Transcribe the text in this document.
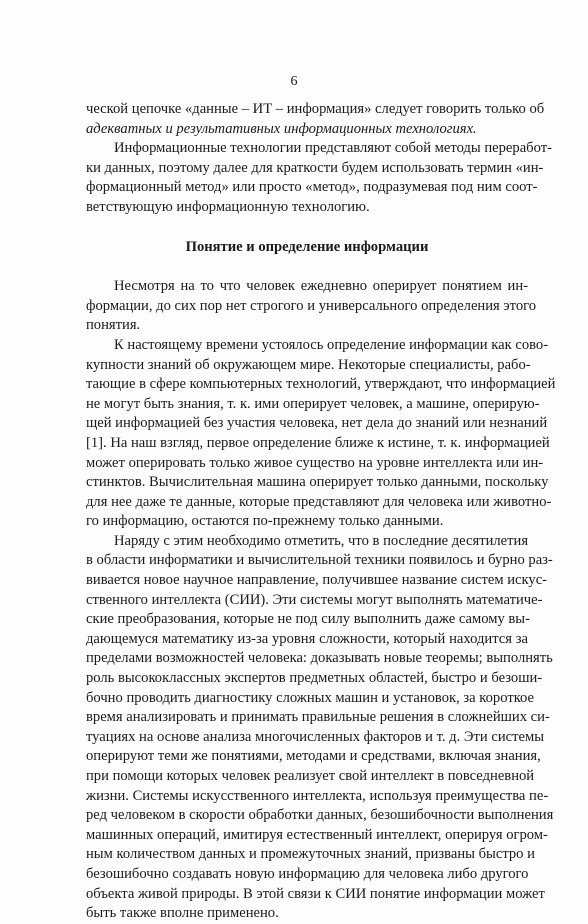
6
ческой цепочке «данные – ИТ – информация» следует говорить только об
адекватных и результативных информационных технологиях.
Информационные технологии представляют собой методы переработ-
ки данных, поэтому далее для краткости будем использовать термин «ин-
формационный метод» или просто «метод», подразумевая под ним соот-
ветствующую информационную технологию.
Понятие и определение информации
Несмотря на то что человек ежедневно оперирует понятием ин-
формации, до сих пор нет строгого и универсального определения этого
понятия.
К настоящему времени устоялось определение информации как сово-
купности знаний об окружающем мире. Некоторые специалисты, рабо-
тающие в сфере компьютерных технологий, утверждают, что информацией
не могут быть знания, т. к. ими оперирует человек, а машине, оперирую-
щей информацией без участия человека, нет дела до знаний или незнаний
[1]. На наш взгляд, первое определение ближе к истине, т. к. информацией
может оперировать только живое существо на уровне интеллекта или ин-
стинктов. Вычислительная машина оперирует только данными, поскольку
для нее даже те данные, которые представляют для человека или животно-
го информацию, остаются по-прежнему только данными.
Наряду с этим необходимо отметить, что в последние десятилетия
в области информатики и вычислительной техники появилось и бурно раз-
вивается новое научное направление, получившее название систем искус-
ственного интеллекта (СИИ). Эти системы могут выполнять математиче-
ские преобразования, которые не под силу выполнить даже самому вы-
дающемуся математику из-за уровня сложности, который находится за
пределами возможностей человека: доказывать новые теоремы; выполнять
роль высококлассных экспертов предметных областей, быстро и безоши-
бочно проводить диагностику сложных машин и установок, за короткое
время анализировать и принимать правильные решения в сложнейших си-
туациях на основе анализа многочисленных факторов и т. д. Эти системы
оперируют теми же понятиями, методами и средствами, включая знания,
при помощи которых человек реализует свой интеллект в повседневной
жизни. Системы искусственного интеллекта, используя преимущества пе-
ред человеком в скорости обработки данных, безошибочности выполнения
машинных операций, имитируя естественный интеллект, оперируя огром-
ным количеством данных и промежуточных знаний, призваны быстро и
безошибочно создавать новую информацию для человека либо другого
объекта живой природы. В этой связи к СИИ понятие информации может
быть также вполне применено.
